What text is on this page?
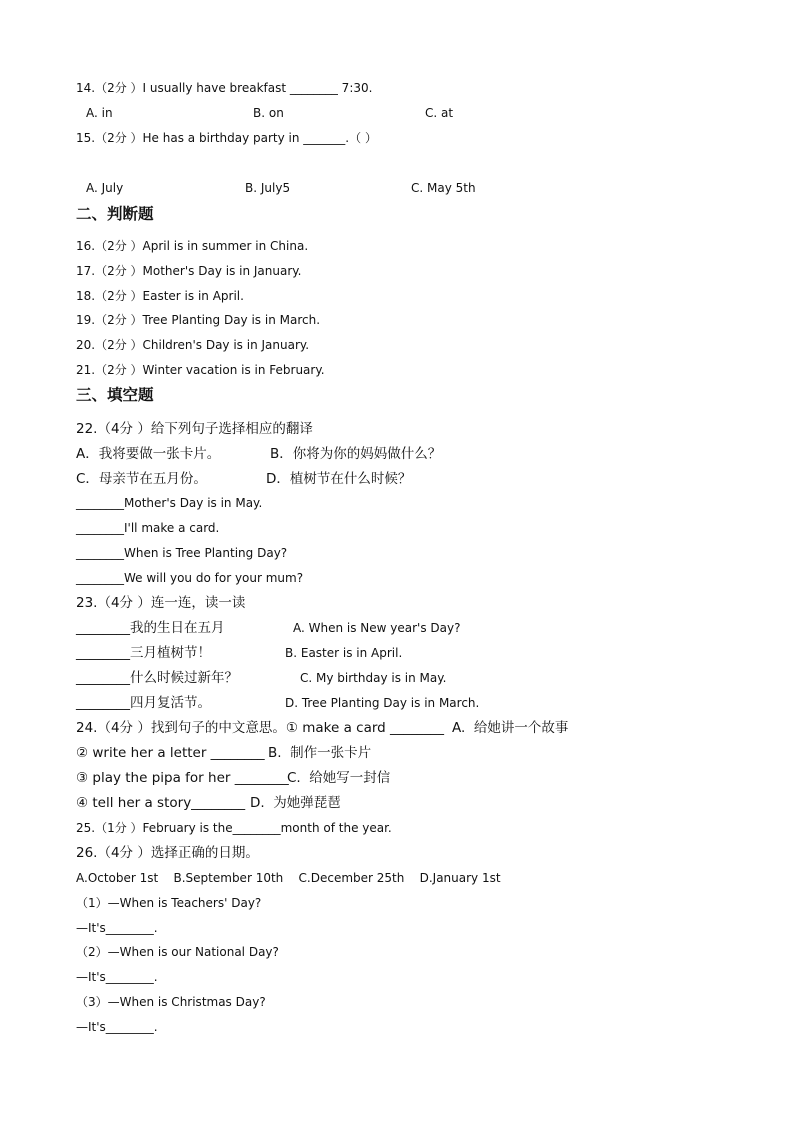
14.（2分 ）I usually have breakfast ________ 7:30.
A. in	B. on	C. at
15.（2分 ）He has a birthday party in _______.（ ）
A. July	B. July5	C. May 5th
二、判断题
16.（2分 ）April is in summer in China.
17.（2分 ）Mother's Day is in January.
18.（2分 ）Easter is in April.
19.（2分 ）Tree Planting Day is in March.
20.（2分 ）Children's Day is in January.
21.（2分 ）Winter vacation is in February.
三、填空题
22.（4分 ）给下列句子选择相应的翻译
A．我将要做一张卡片。	B．你将为你的妈妈做什么？
C．母亲节在五月份。	D．植树节在什么时候？
________Mother's Day is in May.
________I'll make a card.
________When is Tree Planting Day?
________We will you do for your mum?
23.（4分 ）连一连，读一读
________我的生日在五月	A. When is New year's Day?
________三月植树节！	B. Easter is in April.
________什么时候过新年？	C. My birthday is in May.
________四月复活节。	D. Tree Planting Day is in March.
24.（4分 ）找到句子的中文意思。① make a card ________ A.  给她讲一个故事
② write her a letter ________ B.  制作一张卡片
③ play the pipa for her ________
C.  给她写一封信
④ tell her a story________ D.  为她弹琵琶
25.（1分 ）February is the________month of the year.
26.（4分 ）选择正确的日期。
A.October 1st    B.September 10th    C.December 25th    D.January 1st
（1）—When is Teachers' Day?
—It's________.
（2）—When is our National Day?
—It's________.
（3）—When is Christmas Day?
—It's________.
